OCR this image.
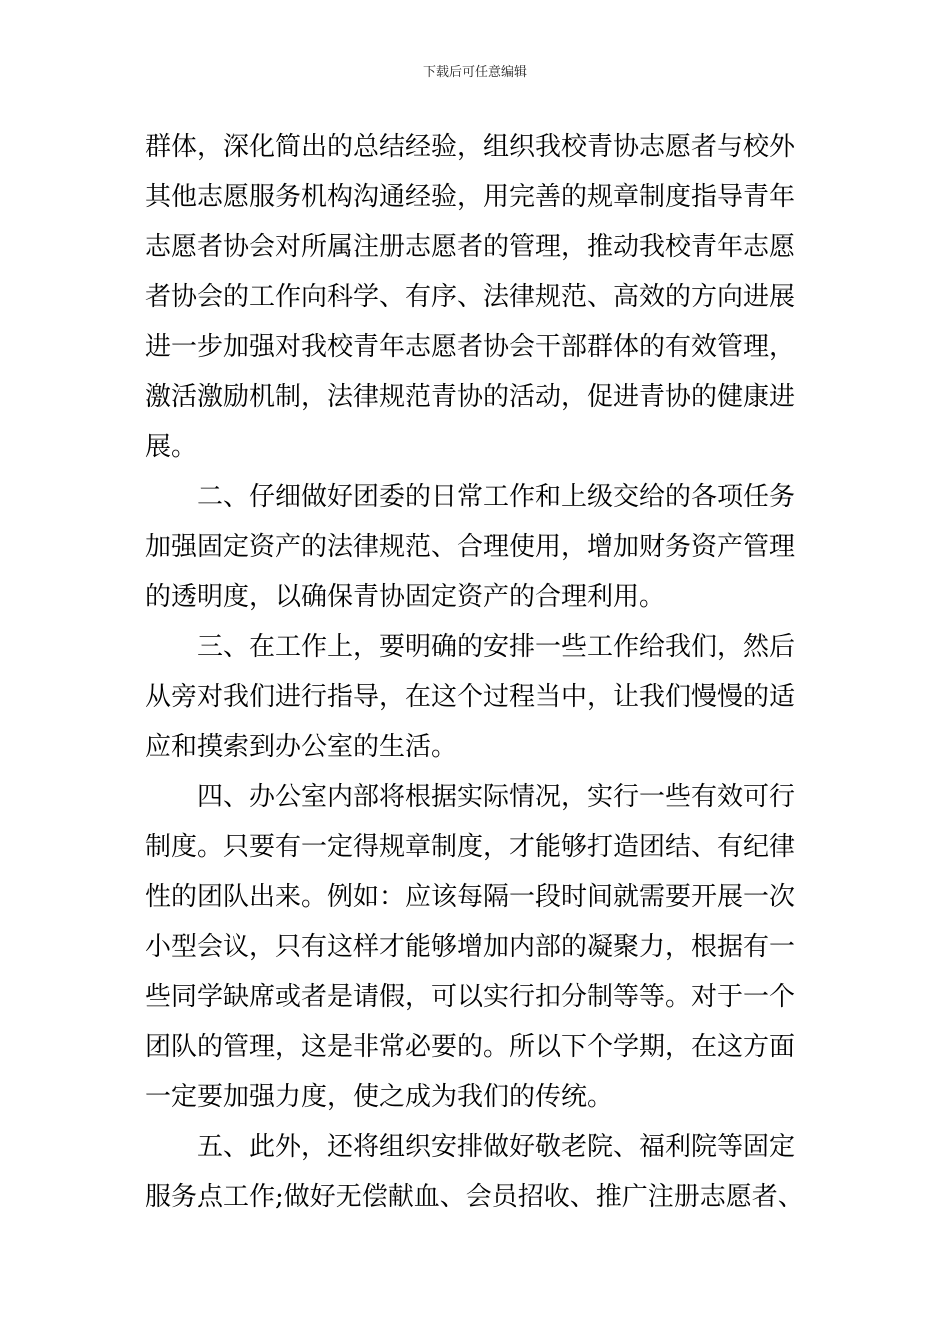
下载后可任意编辑
群体，深化简出的总结经验，组织我校青协志愿者与校外
其他志愿服务机构沟通经验，用完善的规章制度指导青年
志愿者协会对所属注册志愿者的管理，推动我校青年志愿
者协会的工作向科学、有序、法律规范、高效的方向进展
进一步加强对我校青年志愿者协会干部群体的有效管理，
激活激励机制，法律规范青协的活动，促进青协的健康进
展。
二、仔细做好团委的日常工作和上级交给的各项任务
加强固定资产的法律规范、合理使用，增加财务资产管理
的透明度，以确保青协固定资产的合理利用。
三、在工作上，要明确的安排一些工作给我们，然后
从旁对我们进行指导，在这个过程当中，让我们慢慢的适
应和摸索到办公室的生活。
四、办公室内部将根据实际情况，实行一些有效可行
制度。只要有一定得规章制度，才能够打造团结、有纪律
性的团队出来。例如：应该每隔一段时间就需要开展一次
小型会议，只有这样才能够增加内部的凝聚力，根据有一
些同学缺席或者是请假，可以实行扣分制等等。对于一个
团队的管理，这是非常必要的。所以下个学期，在这方面
一定要加强力度，使之成为我们的传统。
五、此外，还将组织安排做好敬老院、福利院等固定
服务点工作;做好无偿献血、会员招收、推广注册志愿者、
